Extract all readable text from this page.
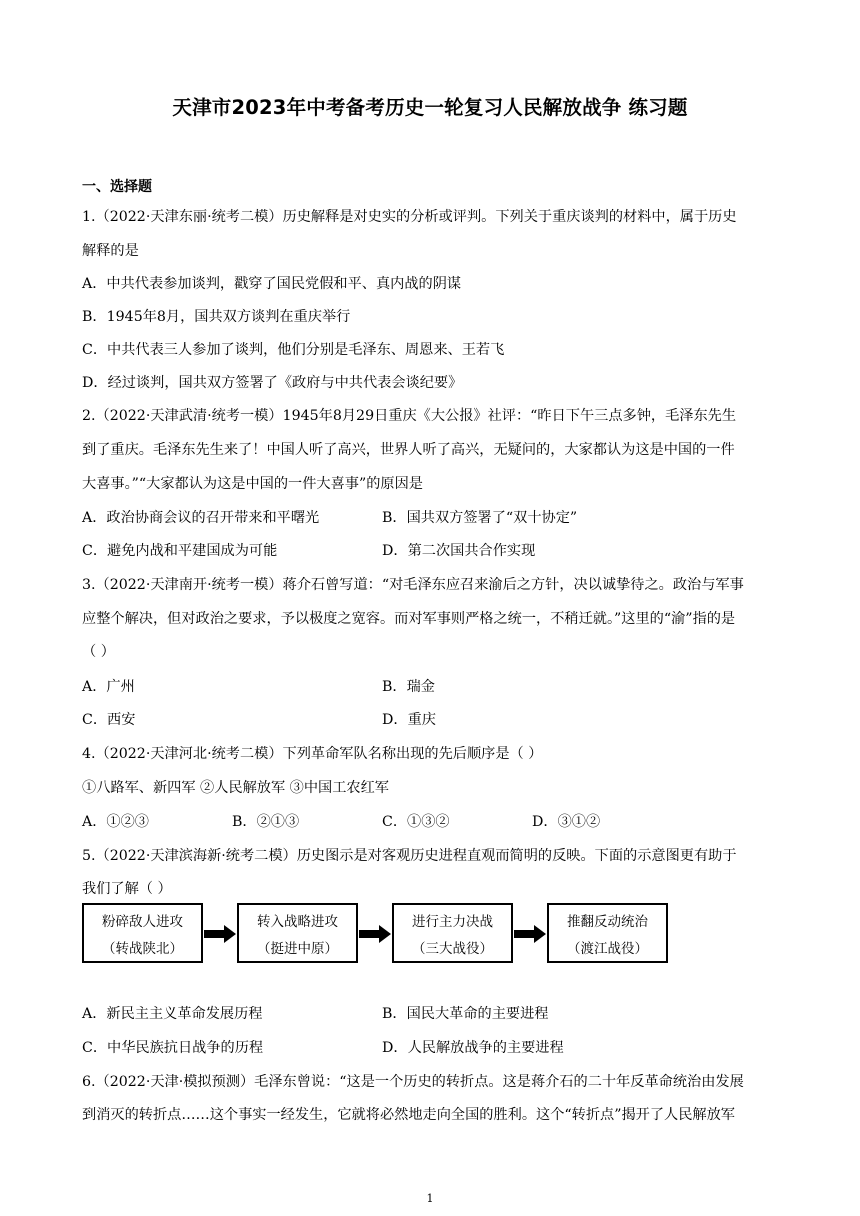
天津市2023年中考备考历史一轮复习人民解放战争 练习题
一、选择题
1.（2022·天津东丽·统考二模）历史解释是对史实的分析或评判。下列关于重庆谈判的材料中，属于历史
解释的是
A．中共代表参加谈判，戳穿了国民党假和平、真内战的阴谋
B．1945年8月，国共双方谈判在重庆举行
C．中共代表三人参加了谈判，他们分别是毛泽东、周恩来、王若飞
D．经过谈判，国共双方签署了《政府与中共代表会谈纪要》
2.（2022·天津武清·统考一模）1945年8月29日重庆《大公报》社评：“昨日下午三点多钟，毛泽东先生
到了重庆。毛泽东先生来了！中国人听了高兴，世界人听了高兴，无疑问的，大家都认为这是中国的一件
大喜事。”“大家都认为这是中国的一件大喜事”的原因是
A．政治协商会议的召开带来和平曙光	B．国共双方签署了“双十协定”
C．避免内战和平建国成为可能	D．第二次国共合作实现
3.（2022·天津南开·统考一模）蒋介石曾写道：“对毛泽东应召来渝后之方针，决以诚挚待之。政治与军事
应整个解决，但对政治之要求，予以极度之宽容。而对军事则严格之统一，不稍迁就。”这里的“渝”指的是
（ ）
A．广州	B．瑞金
C．西安	D．重庆
4.（2022·天津河北·统考二模）下列革命军队名称出现的先后顺序是（ ）
①八路军、新四军 ②人民解放军 ③中国工农红军
A．①②③	B．②①③	C．①③②	D．③①②
5.（2022·天津滨海新·统考二模）历史图示是对客观历史进程直观而简明的反映。下面的示意图更有助于
我们了解（ ）
粉碎敌人进攻
（转战陕北）
转入战略进攻
（挺进中原）
进行主力决战
（三大战役）
推翻反动统治
（渡江战役）
A．新民主主义革命发展历程	B．国民大革命的主要进程
C．中华民族抗日战争的历程	D．人民解放战争的主要进程
6.（2022·天津·模拟预测）毛泽东曾说：“这是一个历史的转折点。这是蒋介石的二十年反革命统治由发展
到消灭的转折点……这个事实一经发生，它就将必然地走向全国的胜利。这个“转折点”揭开了人民解放军
1
